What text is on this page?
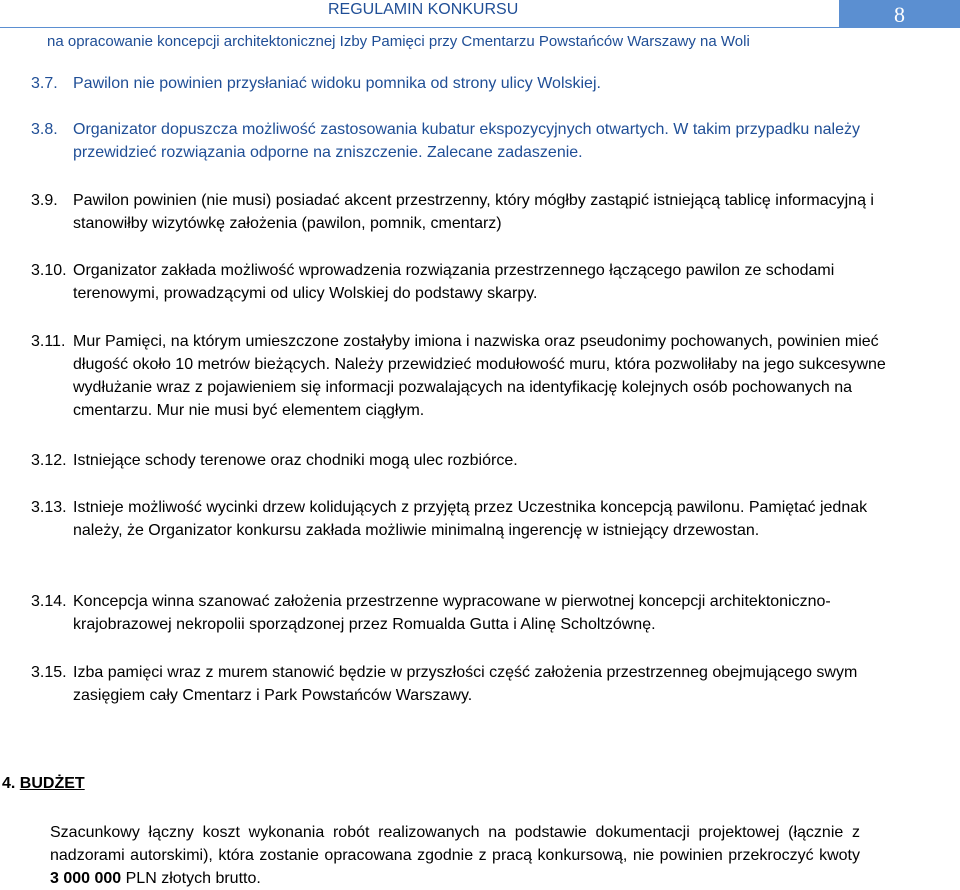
REGULAMIN KONKURSU
na opracowanie koncepcji architektonicznej Izby Pamięci przy Cmentarzu Powstańców Warszawy na Woli
8
3.7. Pawilon nie powinien przysłaniać widoku pomnika od strony ulicy Wolskiej.
3.8. Organizator dopuszcza możliwość zastosowania kubatur ekspozycyjnych otwartych. W takim przypadku należy przewidzieć rozwiązania odporne na zniszczenie. Zalecane zadaszenie.
3.9. Pawilon powinien (nie musi) posiadać akcent przestrzenny, który mógłby zastąpić istniejącą tablicę informacyjną i stanowiłby wizytówkę założenia (pawilon, pomnik, cmentarz)
3.10. Organizator zakłada możliwość wprowadzenia rozwiązania przestrzennego łączącego pawilon ze schodami terenowymi, prowadzącymi od ulicy Wolskiej do podstawy skarpy.
3.11. Mur Pamięci, na którym umieszczone zostałyby imiona i nazwiska oraz pseudonimy pochowanych, powinien mieć długość około 10 metrów bieżących. Należy przewidzieć modułowość muru, która pozwoliłaby na jego sukcesywne wydłużanie wraz z pojawieniem się informacji pozwalających na identyfikację kolejnych osób pochowanych na cmentarzu. Mur nie musi być elementem ciągłym.
3.12. Istniejące schody terenowe oraz chodniki mogą ulec rozbiórce.
3.13. Istnieje możliwość wycinki drzew kolidujących z przyjętą przez Uczestnika koncepcją pawilonu. Pamiętać jednak należy, że Organizator konkursu zakłada możliwie minimalną ingerencję w istniejący drzewostan.
3.14. Koncepcja winna szanować założenia przestrzenne wypracowane w pierwotnej koncepcji architektoniczno-krajobrazowej nekropolii sporządzonej przez Romualda Gutta i Alinę Scholtzównę.
3.15. Izba pamięci wraz z murem stanowić będzie w przyszłości część założenia przestrzenneg obejmującego swym zasięgiem cały Cmentarz i Park Powstańców Warszawy.
4. BUDŻET
Szacunkowy łączny koszt wykonania robót realizowanych na podstawie dokumentacji projektowej (łącznie z nadzorami autorskimi), która zostanie opracowana zgodnie z pracą konkursową, nie powinien przekroczyć kwoty 3 000 000 PLN złotych brutto.
